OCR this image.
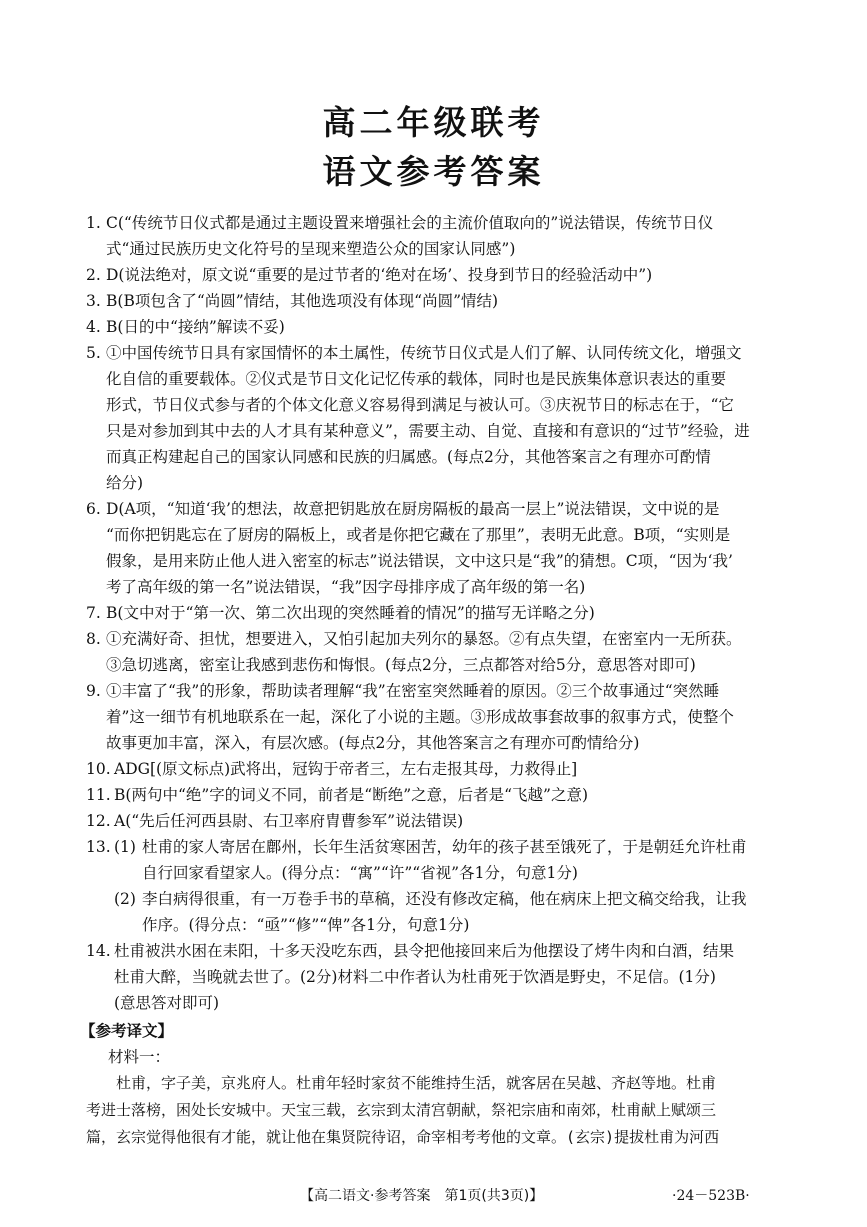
高二年级联考
语文参考答案
1. C(“传统节日仪式都是通过主题设置来增强社会的主流价值取向的”说法错误，传统节日仪
式“通过民族历史文化符号的呈现来塑造公众的国家认同感”)
2. D(说法绝对，原文说“重要的是过节者的‘绝对在场’、投身到节日的经验活动中”)
3. B(B项包含了“尚圆”情结，其他选项没有体现“尚圆”情结)
4. B(日的中“接纳”解读不妥)
5. ①中国传统节日具有家国情怀的本土属性，传统节日仪式是人们了解、认同传统文化，增强文
化自信的重要载体。②仪式是节日文化记忆传承的载体，同时也是民族集体意识表达的重要
形式，节日仪式参与者的个体文化意义容易得到满足与被认可。③庆祝节日的标志在于，“它
只是对参加到其中去的人才具有某种意义”，需要主动、自觉、直接和有意识的“过节”经验，进
而真正构建起自己的国家认同感和民族的归属感。(每点2分，其他答案言之有理亦可酌情
给分)
6. D(A项，“知道‘我’的想法，故意把钥匙放在厨房隔板的最高一层上”说法错误，文中说的是
“而你把钥匙忘在了厨房的隔板上，或者是你把它藏在了那里”，表明无此意。B项，“实则是
假象，是用来防止他人进入密室的标志”说法错误，文中这只是“我”的猜想。C项，“因为‘我’
考了高年级的第一名”说法错误，“我”因字母排序成了高年级的第一名)
7. B(文中对于“第一次、第二次出现的突然睡着的情况”的描写无详略之分)
8. ①充满好奇、担忧，想要进入，又怕引起加夫列尔的暴怒。②有点失望，在密室内一无所获。
③急切逃离，密室让我感到悲伤和悔恨。(每点2分，三点都答对给5分，意思答对即可)
9. ①丰富了“我”的形象，帮助读者理解“我”在密室突然睡着的原因。②三个故事通过“突然睡
着”这一细节有机地联系在一起，深化了小说的主题。③形成故事套故事的叙事方式，使整个
故事更加丰富，深入，有层次感。(每点2分，其他答案言之有理亦可酌情给分)
10. ADG[(原文标点)武将出，冠钩于帝者三，左右走报其母，力救得止]
11. B(两句中“绝”字的词义不同，前者是“断绝”之意，后者是“飞越”之意)
12. A(“先后任河西县尉、右卫率府胄曹参军”说法错误)
13. (1) 杜甫的家人寄居在鄜州，长年生活贫寒困苦，幼年的孩子甚至饿死了，于是朝廷允许杜甫
自行回家看望家人。(得分点：“寓”“许”“省视”各1分，句意1分)
(2) 李白病得很重，有一万卷手书的草稿，还没有修改定稿，他在病床上把文稿交给我，让我
作序。(得分点：“亟”“修”“俾”各1分，句意1分)
14. 杜甫被洪水困在耒阳，十多天没吃东西，县令把他接回来后为他摆设了烤牛肉和白酒，结果
杜甫大醉，当晚就去世了。(2分)材料二中作者认为杜甫死于饮酒是野史，不足信。(1分)
(意思答对即可)
【参考译文】
材料一：

杜甫，字子美，京兆府人。杜甫年轻时家贫不能维持生活，就客居在吴越、齐赵等地。杜甫

考进士落榜，困处长安城中。天宝三载，玄宗到太清宫朝献，祭祀宗庙和南郊，杜甫献上赋颂三

篇，玄宗觉得他很有才能，就让他在集贤院待诏，命宰相考考他的文章。(玄宗)提拔杜甫为河西

【高二语文·参考答案　第1页(共3页)】	·24－523B·
